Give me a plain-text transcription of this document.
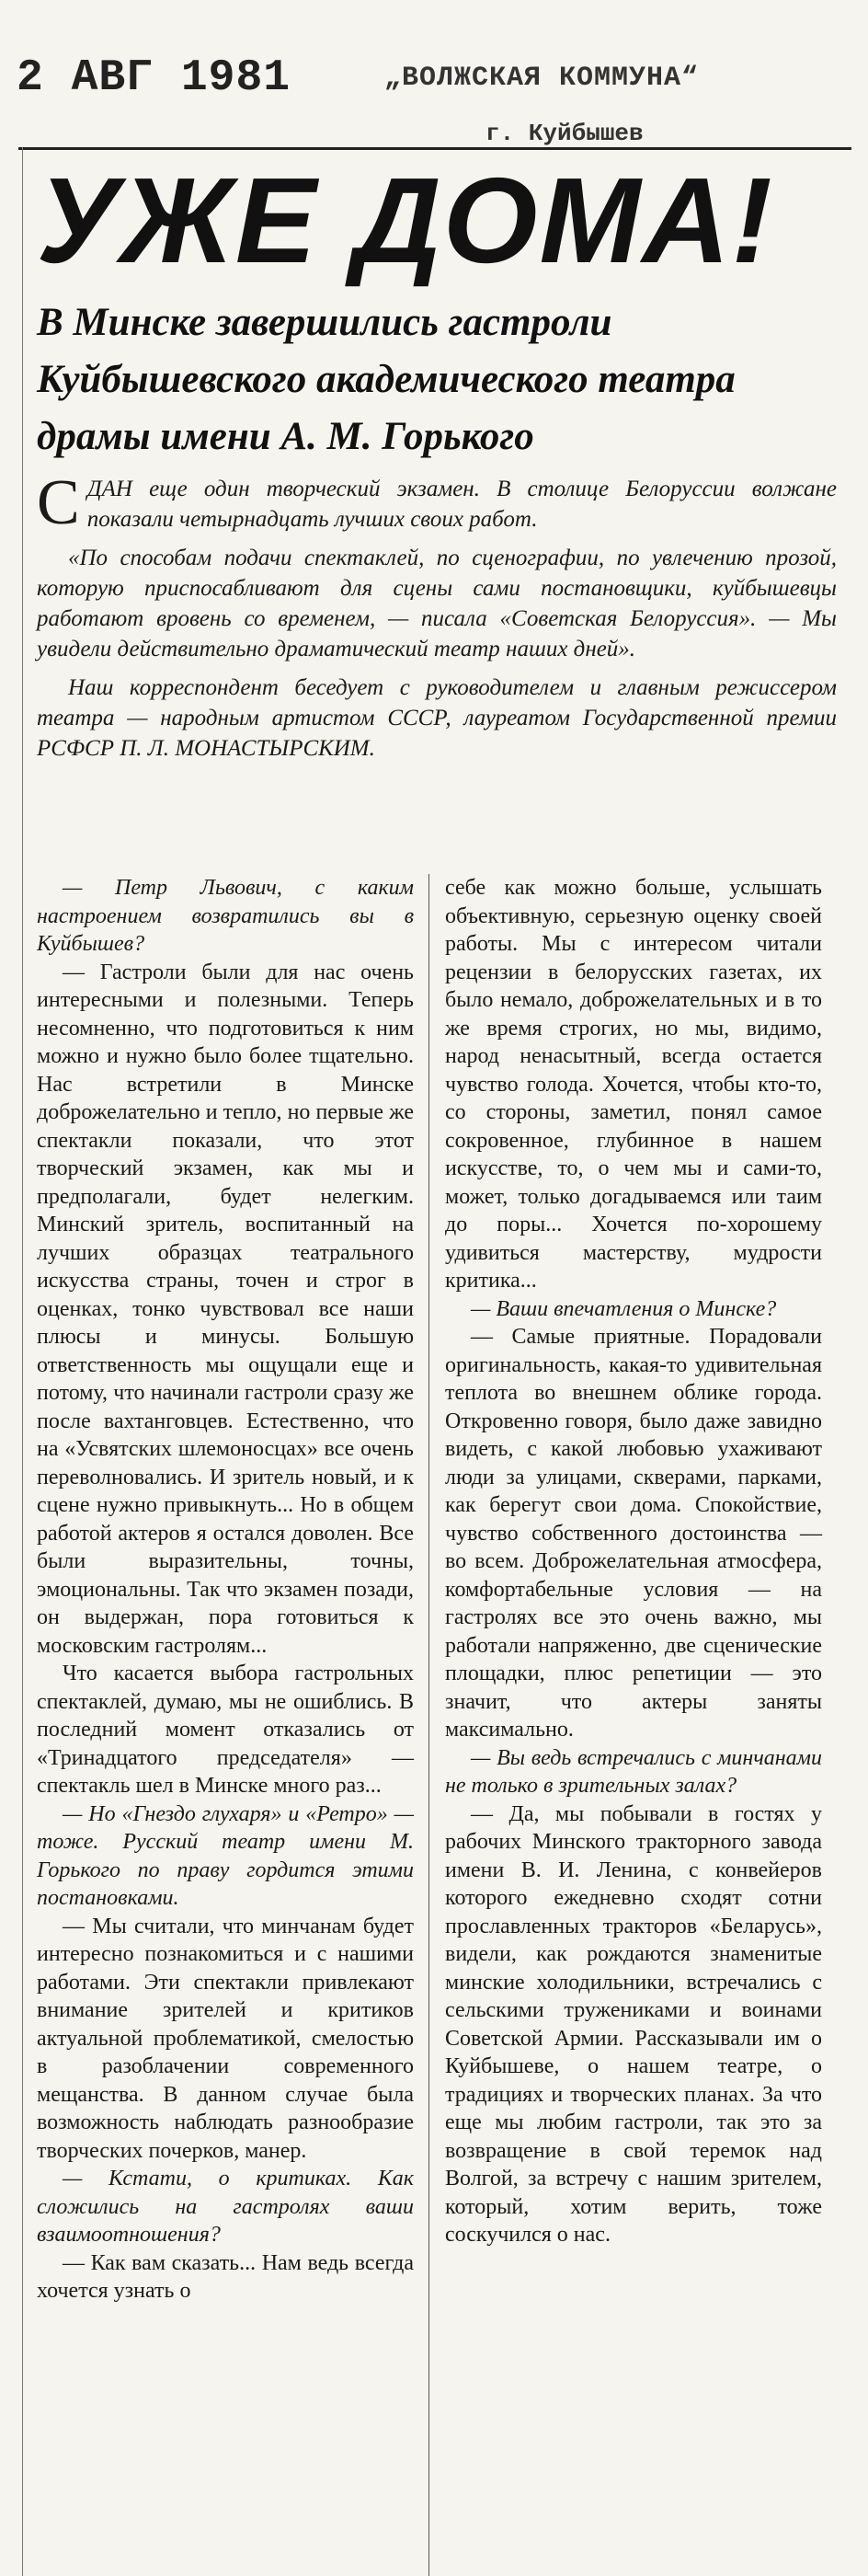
2 АВГ 1981	„ВОЛЖСКАЯ КОММУНА“
г. Куйбышев
УЖЕ ДОМА!
В Минске завершились гастроли Куйбышевского академического театра драмы имени А. М. Горького

СДАН еще один творческий экзамен. В столице Белоруссии волжане показали четырнадцать лучших своих работ.

«По способам подачи спектаклей, по сценографии, по увлечению прозой, которую приспосабливают для сцены сами постановщики, куйбышевцы работают вровень со временем, — писала «Советская Белоруссия». — Мы увидели действительно драматический театр наших дней».

Наш корреспондент беседует с руководителем и главным режиссером театра — народным артистом СССР, лауреатом Государственной премии РСФСР П. Л. МОНАСТЫРСКИМ.

— Петр Львович, с каким настроением возвратились вы в Куйбышев?

— Гастроли были для нас очень интересными и полезными. Теперь несомненно, что подготовиться к ним можно и нужно было более тщательно. Нас встретили в Минске доброжелательно и тепло, но первые же спектакли показали, что этот творческий экзамен, как мы и предполагали, будет нелегким. Минский зритель, воспитанный на лучших образцах театрального искусства страны, точен и строг в оценках, тонко чувствовал все наши плюсы и минусы. Большую ответственность мы ощущали еще и потому, что начинали гастроли сразу же после вахтанговцев. Естественно, что на «Усвятских шлемоносцах» все очень переволновались. И зритель новый, и к сцене нужно привыкнуть... Но в общем работой актеров я остался доволен. Все были выразительны, точны, эмоциональны. Так что экзамен позади, он выдержан, пора готовиться к московским гастролям...

Что касается выбора гастрольных спектаклей, думаю, мы не ошиблись. В последний момент отказались от «Тринадцатого председателя» — спектакль шел в Минске много раз...

— Но «Гнездо глухаря» и «Ретро» — тоже. Русский театр имени М. Горького по праву гордится этими постановками.

— Мы считали, что минчанам будет интересно познакомиться и с нашими работами. Эти спектакли привлекают внимание зрителей и критиков актуальной проблематикой, смелостью в разоблачении современного мещанства. В данном случае была возможность наблюдать разнообразие творческих почерков, манер.

— Кстати, о критиках. Как сложились на гастролях ваши взаимоотношения?

— Как вам сказать... Нам ведь всегда хочется узнать о

себе как можно больше, услышать объективную, серьезную оценку своей работы. Мы с интересом читали рецензии в белорусских газетах, их было немало, доброжелательных и в то же время строгих, но мы, видимо, народ ненасытный, всегда остается чувство голода. Хочется, чтобы кто-то, со стороны, заметил, понял самое сокровенное, глубинное в нашем искусстве, то, о чем мы и сами-то, может, только догадываемся или таим до поры... Хочется по-хорошему удивиться мастерству, мудрости критика...

— Ваши впечатления о Минске?

— Самые приятные. Порадовали оригинальность, какая-то удивительная теплота во внешнем облике города. Откровенно говоря, было даже завидно видеть, с какой любовью ухаживают люди за улицами, скверами, парками, как берегут свои дома. Спокойствие, чувство собственного достоинства — во всем. Доброжелательная атмосфера, комфортабельные условия — на гастролях все это очень важно, мы работали напряженно, две сценические площадки, плюс репетиции — это значит, что актеры заняты максимально.

— Вы ведь встречались с минчанами не только в зрительных залах?

— Да, мы побывали в гостях у рабочих Минского тракторного завода имени В. И. Ленина, с конвейеров которого ежедневно сходят сотни прославленных тракторов «Беларусь», видели, как рождаются знаменитые минские холодильники, встречались с сельскими тружениками и воинами Советской Армии. Рассказывали им о Куйбышеве, о нашем театре, о традициях и творческих планах. За что еще мы любим гастроли, так это за возвращение в свой теремок над Волгой, за встречу с нашим зрителем, который, хотим верить, тоже соскучился о нас.
